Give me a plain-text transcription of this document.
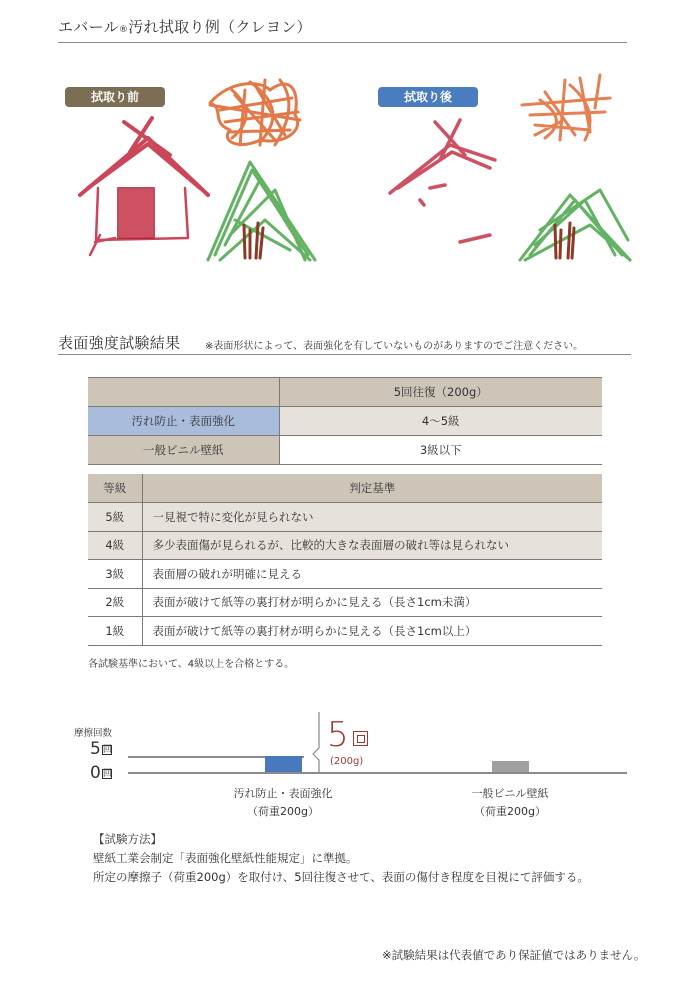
エバール®汚れ拭取り例（クレヨン）
拭取り前	拭取り後
表面強度試験結果 ※表面形状によって、表面強化を有していないものがありますのでご注意ください。
	5回往復（200g）
汚れ防止・表面強化	4〜5級
一般ビニル壁紙	3級以下
等級	判定基準
5級	一見視で特に変化が見られない
4級	多少表面傷が見られるが、比較的大きな表面層の破れ等は見られない
3級	表面層の破れが明確に見える
2級	表面が破けて紙等の裏打材が明らかに見える（長さ1cm未満）
1級	表面が破けて紙等の裏打材が明らかに見える（長さ1cm以上）
各試験基準において、4級以上を合格とする。
摩擦回数
5 回
0 回
5
(200g)
汚れ防止・表面強化
（荷重200g）
一般ビニル壁紙
（荷重200g）
【試験方法】
壁紙工業会制定「表面強化壁紙性能規定」に準拠。
所定の摩擦子（荷重200g）を取付け、5回往復させて、表面の傷付き程度を目視にて評価する。
※試験結果は代表値であり保証値ではありません。
